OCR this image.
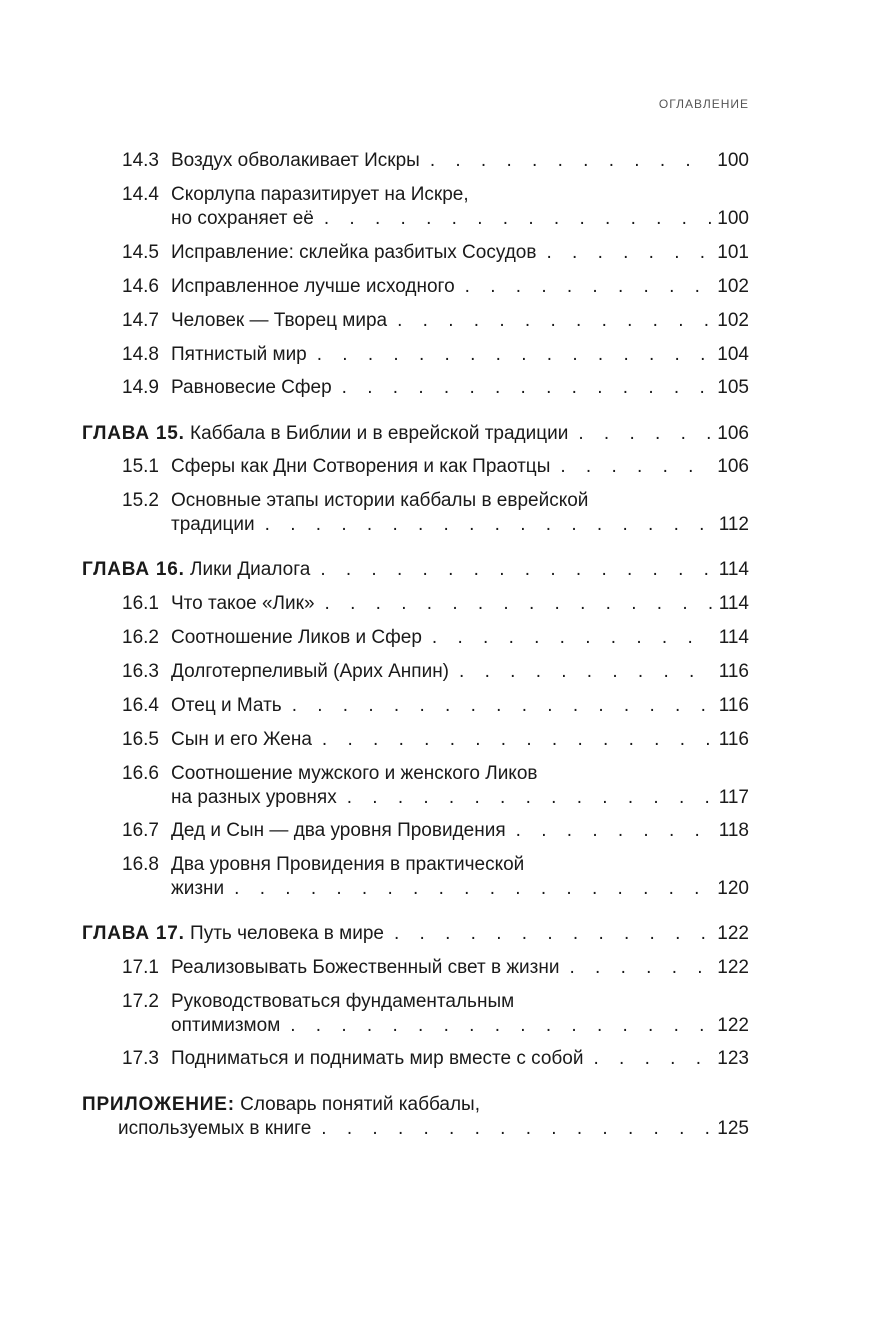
ОГЛАВЛЕНИЕ
14.3 Воздух обволакивает Искры . . .	100
14.4 Скорлупа паразитирует на Искре,
но сохраняет её . . .	100
14.5 Исправление: склейка разбитых Сосудов . . .	101
14.6 Исправленное лучше исходного . . .	102
14.7 Человек — Творец мира . . .	102
14.8 Пятнистый мир . . .	104
14.9 Равновесие Сфер . . .	105
ГЛАВА 15. Каббала в Библии и в еврейской традиции . . .	106
15.1 Сферы как Дни Сотворения и как Праотцы . . .	106
15.2 Основные этапы истории каббалы в еврейской
традиции . . .	112
ГЛАВА 16. Лики Диалога . . .	114
16.1 Что такое «Лик» . . .	114
16.2 Соотношение Ликов и Сфер . . .	114
16.3 Долготерпеливый (Арих Анпин) . . .	116
16.4 Отец и Мать . . .	116
16.5 Сын и его Жена . . .	116
16.6 Соотношение мужского и женского Ликов
на разных уровнях . . .	117
16.7 Дед и Сын — два уровня Провидения . . .	118
16.8 Два уровня Провидения в практической
жизни . . .	120
ГЛАВА 17. Путь человека в мире . . .	122
17.1 Реализовывать Божественный свет в жизни . . .	122
17.2 Руководствоваться фундаментальным
оптимизмом . . .	122
17.3 Подниматься и поднимать мир вместе с собой . . .	123
ПРИЛОЖЕНИЕ: Словарь понятий каббалы,
используемых в книге . . .	125
